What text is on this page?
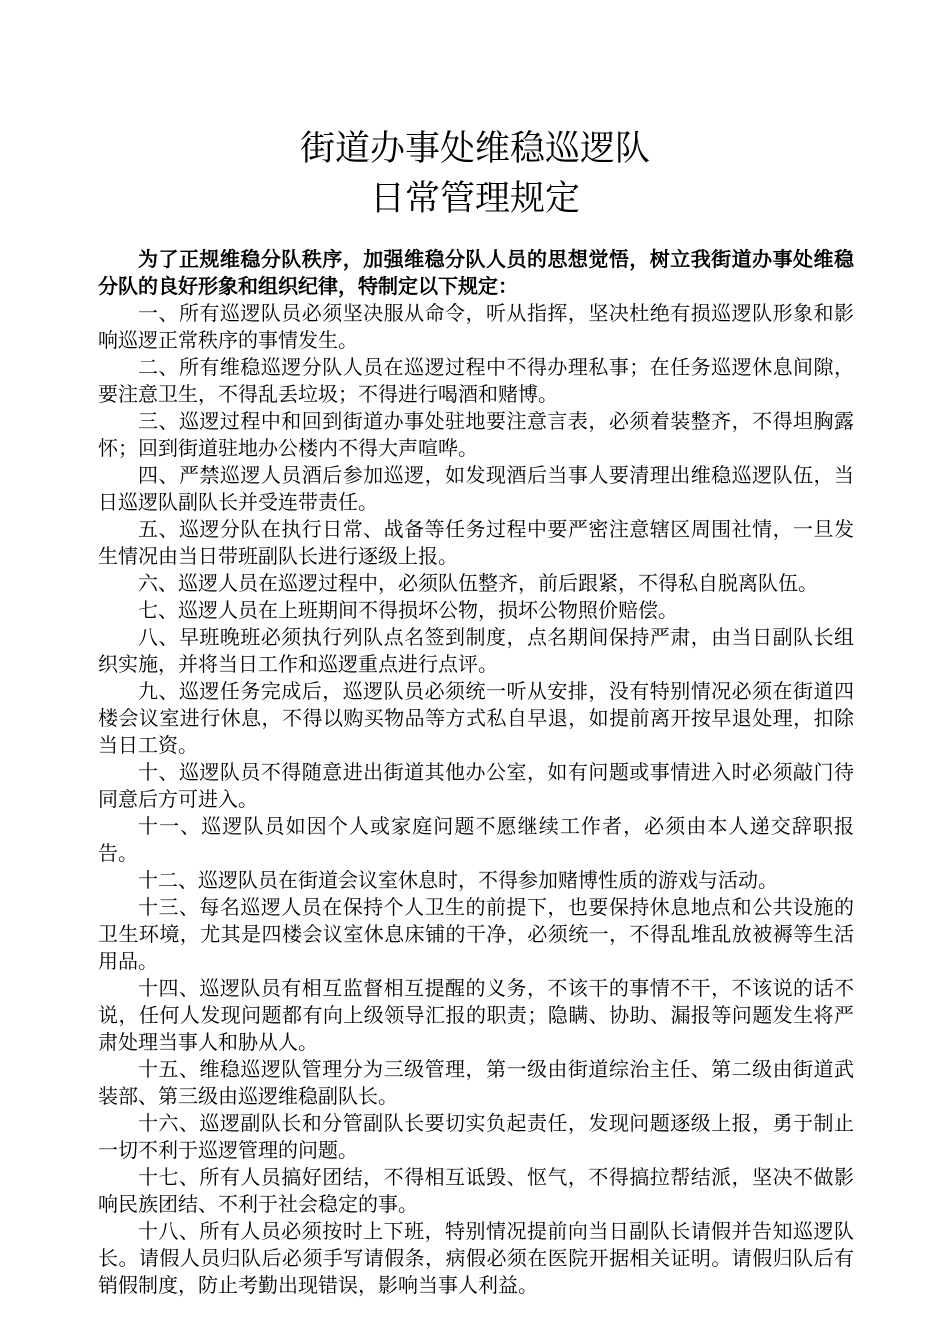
街道办事处维稳巡逻队
日常管理规定

为了正规维稳分队秩序，加强维稳分队人员的思想觉悟，树立我街道办事处维稳分队的良好形象和组织纪律，特制定以下规定：

一、所有巡逻队员必须坚决服从命令，听从指挥，坚决杜绝有损巡逻队形象和影响巡逻正常秩序的事情发生。

二、所有维稳巡逻分队人员在巡逻过程中不得办理私事；在任务巡逻休息间隙，要注意卫生，不得乱丢垃圾；不得进行喝酒和赌博。

三、巡逻过程中和回到街道办事处驻地要注意言表，必须着装整齐，不得坦胸露怀；回到街道驻地办公楼内不得大声喧哗。

四、严禁巡逻人员酒后参加巡逻，如发现酒后当事人要清理出维稳巡逻队伍，当日巡逻队副队长并受连带责任。

五、巡逻分队在执行日常、战备等任务过程中要严密注意辖区周围社情，一旦发生情况由当日带班副队长进行逐级上报。

六、巡逻人员在巡逻过程中，必须队伍整齐，前后跟紧，不得私自脱离队伍。

七、巡逻人员在上班期间不得损坏公物，损坏公物照价赔偿。

八、早班晚班必须执行列队点名签到制度，点名期间保持严肃，由当日副队长组织实施，并将当日工作和巡逻重点进行点评。

九、巡逻任务完成后，巡逻队员必须统一听从安排，没有特别情况必须在街道四楼会议室进行休息，不得以购买物品等方式私自早退，如提前离开按早退处理，扣除当日工资。

十、巡逻队员不得随意进出街道其他办公室，如有问题或事情进入时必须敲门待同意后方可进入。

十一、巡逻队员如因个人或家庭问题不愿继续工作者，必须由本人递交辞职报告。

十二、巡逻队员在街道会议室休息时，不得参加赌博性质的游戏与活动。

十三、每名巡逻人员在保持个人卫生的前提下，也要保持休息地点和公共设施的卫生环境，尤其是四楼会议室休息床铺的干净，必须统一，不得乱堆乱放被褥等生活用品。

十四、巡逻队员有相互监督相互提醒的义务，不该干的事情不干，不该说的话不说，任何人发现问题都有向上级领导汇报的职责；隐瞒、协助、漏报等问题发生将严肃处理当事人和胁从人。

十五、维稳巡逻队管理分为三级管理，第一级由街道综治主任、第二级由街道武装部、第三级由巡逻维稳副队长。

十六、巡逻副队长和分管副队长要切实负起责任，发现问题逐级上报，勇于制止一切不利于巡逻管理的问题。

十七、所有人员搞好团结，不得相互诋毁、怄气，不得搞拉帮结派，坚决不做影响民族团结、不利于社会稳定的事。

十八、所有人员必须按时上下班，特别情况提前向当日副队长请假并告知巡逻队长。请假人员归队后必须手写请假条，病假必须在医院开据相关证明。请假归队后有销假制度，防止考勤出现错误，影响当事人利益。
